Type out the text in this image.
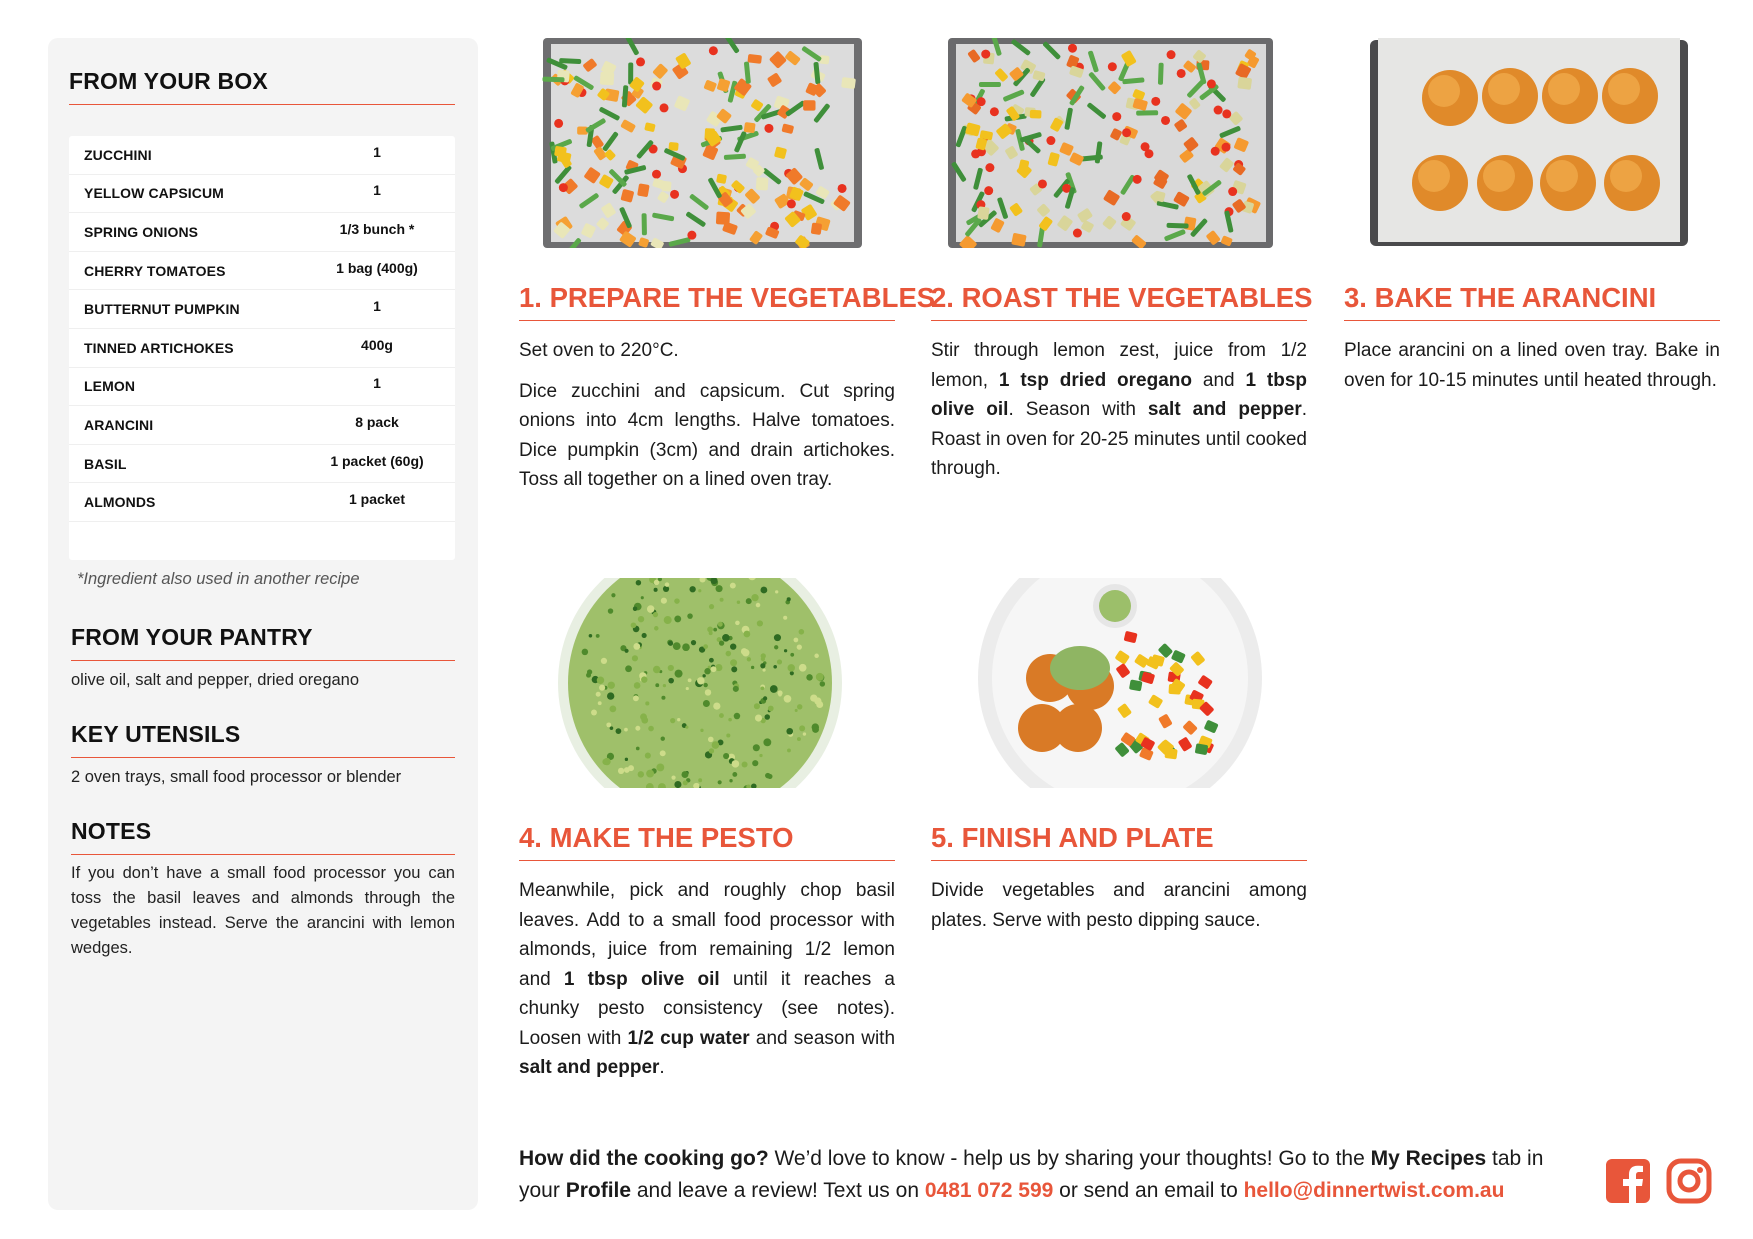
FROM YOUR BOX
ZUCCHINI	1
YELLOW CAPSICUM	1
SPRING ONIONS	1/3 bunch *
CHERRY TOMATOES	1 bag (400g)
BUTTERNUT PUMPKIN	1
TINNED ARTICHOKES	400g
LEMON	1
ARANCINI	8 pack
BASIL	1 packet (60g)
ALMONDS	1 packet
*Ingredient also used in another recipe
FROM YOUR PANTRY
olive oil, salt and pepper, dried oregano
KEY UTENSILS
2 oven trays, small food processor or blender
NOTES
If you don’t have a small food processor you can toss the basil leaves and almonds through the vegetables instead. Serve the arancini with lemon wedges.
1. PREPARE THE VEGETABLES

Set oven to 220°C.

Dice zucchini and capsicum. Cut spring onions into 4cm lengths. Halve tomatoes. Dice pumpkin (3cm) and drain artichokes. Toss all together on a lined oven tray.

2. ROAST THE VEGETABLES

Stir through lemon zest, juice from 1/2 lemon, 1 tsp dried oregano and 1 tbsp olive oil. Season with salt and pepper. Roast in oven for 20-25 minutes until cooked through.

3. BAKE THE ARANCINI

Place arancini on a lined oven tray. Bake in oven for 10-15 minutes until heated through.

4. MAKE THE PESTO

Meanwhile, pick and roughly chop basil leaves. Add to a small food processor with almonds, juice from remaining 1/2 lemon and 1 tbsp olive oil until it reaches a chunky pesto consistency (see notes). Loosen with 1/2 cup water and season with salt and pepper.

5. FINISH AND PLATE

Divide vegetables and arancini among plates. Serve with pesto dipping sauce.

How did the cooking go? We’d love to know - help us by sharing your thoughts! Go to the My Recipes tab in your Profile and leave a review! Text us on 0481 072 599 or send an email to hello@dinnertwist.com.au
